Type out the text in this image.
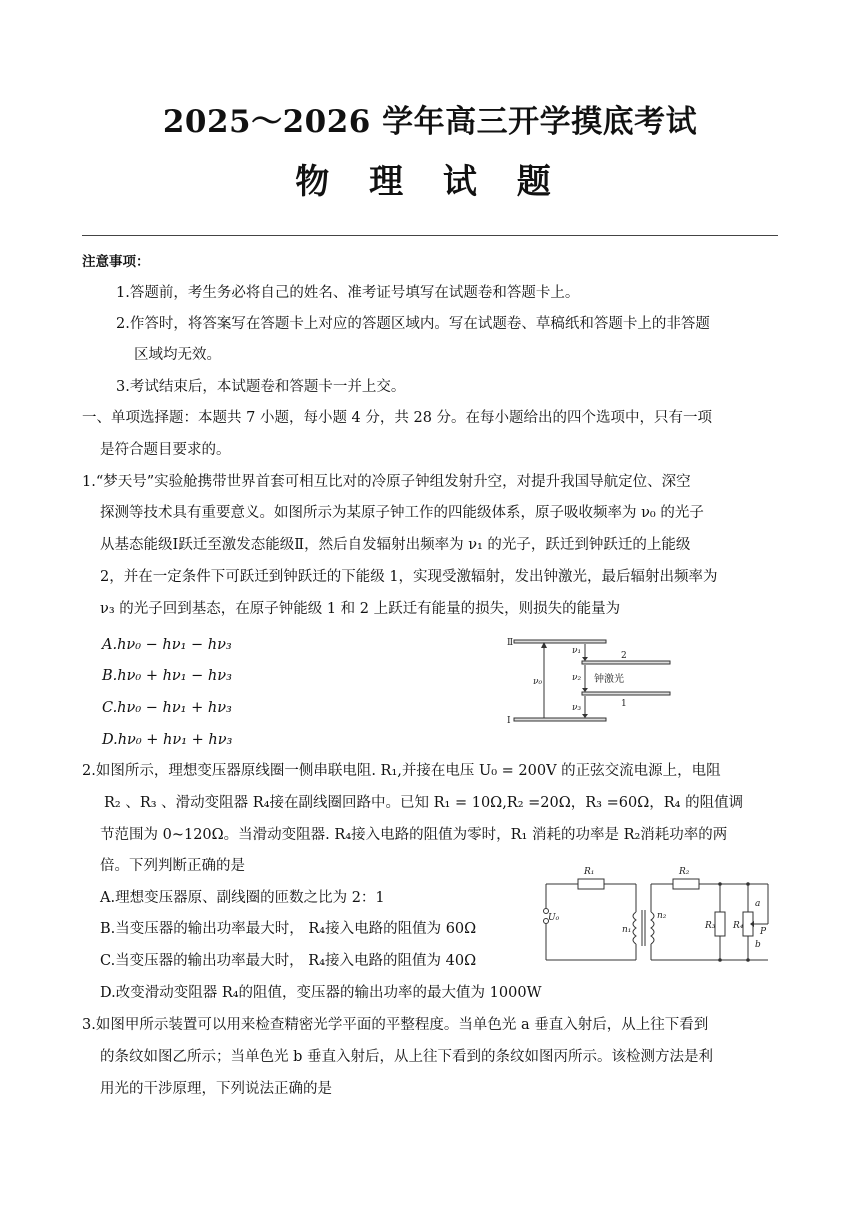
2025～2026 学年高三开学摸底考试
物 理 试 题
注意事项：
1.答题前，考生务必将自己的姓名、准考证号填写在试题卷和答题卡上。
2.作答时，将答案写在答题卡上对应的答题区域内。写在试题卷、草稿纸和答题卡上的非答题
区域均无效。
3.考试结束后，本试题卷和答题卡一并上交。
一、单项选择题：本题共 7 小题，每小题 4 分，共 28 分。在每小题给出的四个选项中，只有一项
是符合题目要求的。
1.“梦天号”实验舱携带世界首套可相互比对的冷原子钟组发射升空，对提升我国导航定位、深空
探测等技术具有重要意义。如图所示为某原子钟工作的四能级体系，原子吸收频率为 ν₀ 的光子
从基态能级Ⅰ跃迁至激发态能级Ⅱ，然后自发辐射出频率为 ν₁ 的光子，跃迁到钟跃迁的上能级
2，并在一定条件下可跃迁到钟跃迁的下能级 1，实现受激辐射，发出钟激光，最后辐射出频率为
ν₃ 的光子回到基态，在原子钟能级 1 和 2 上跃迁有能量的损失，则损失的能量为
A.hν₀ − hν₁ − hν₃
B.hν₀ + hν₁ − hν₃
C.hν₀ − hν₁ + hν₃
D.hν₀ + hν₁ + hν₃
Ⅱ
Ⅰ
2
1
ν₀
ν₁
ν₂
ν₃
钟激光
2.如图所示，理想变压器原线圈一侧串联电阻. R₁,并接在电压 U₀ = 200V 的正弦交流电源上，电阻
R₂ 、R₃ 、滑动变阻器 R₄接在副线圈回路中。已知 R₁ = 10Ω,R₂ =20Ω，R₃ =60Ω，R₄ 的阻值调
节范围为 0~120Ω。当滑动变阻器. R₄接入电路的阻值为零时，R₁ 消耗的功率是 R₂消耗功率的两
倍。下列判断正确的是
A.理想变压器原、副线圈的匝数之比为 2：1
B.当变压器的输出功率最大时， R₄接入电路的阻值为 60Ω
C.当变压器的输出功率最大时， R₄接入电路的阻值为 40Ω
D.改变滑动变阻器 R₄的阻值，变压器的输出功率的最大值为 1000W
R₁	R₂
R₃ R₄
U₀
n₁
n₂
a
b
P
3.如图甲所示装置可以用来检查精密光学平面的平整程度。当单色光 a 垂直入射后，从上往下看到
的条纹如图乙所示；当单色光 b 垂直入射后，从上往下看到的条纹如图丙所示。该检测方法是利
用光的干涉原理，下列说法正确的是
